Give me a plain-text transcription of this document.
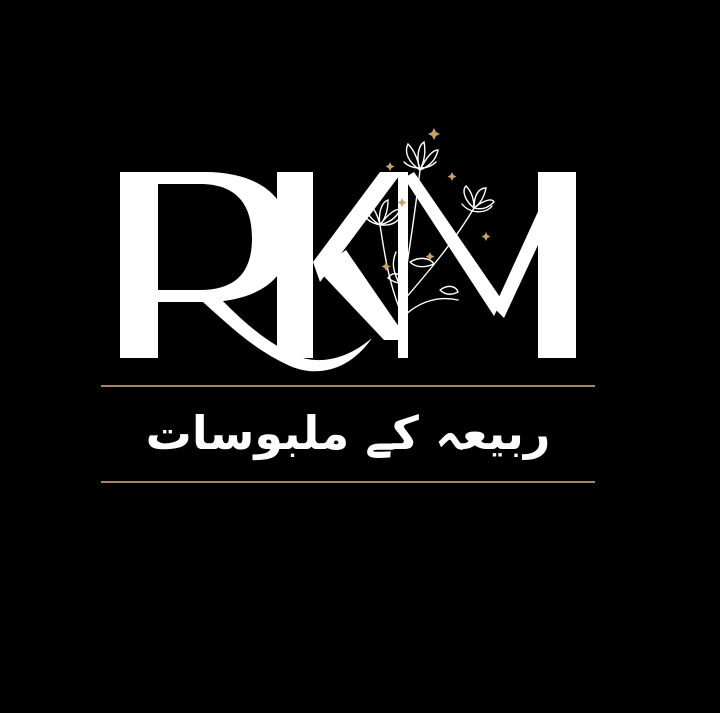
ربیعہ کے ملبوسات
